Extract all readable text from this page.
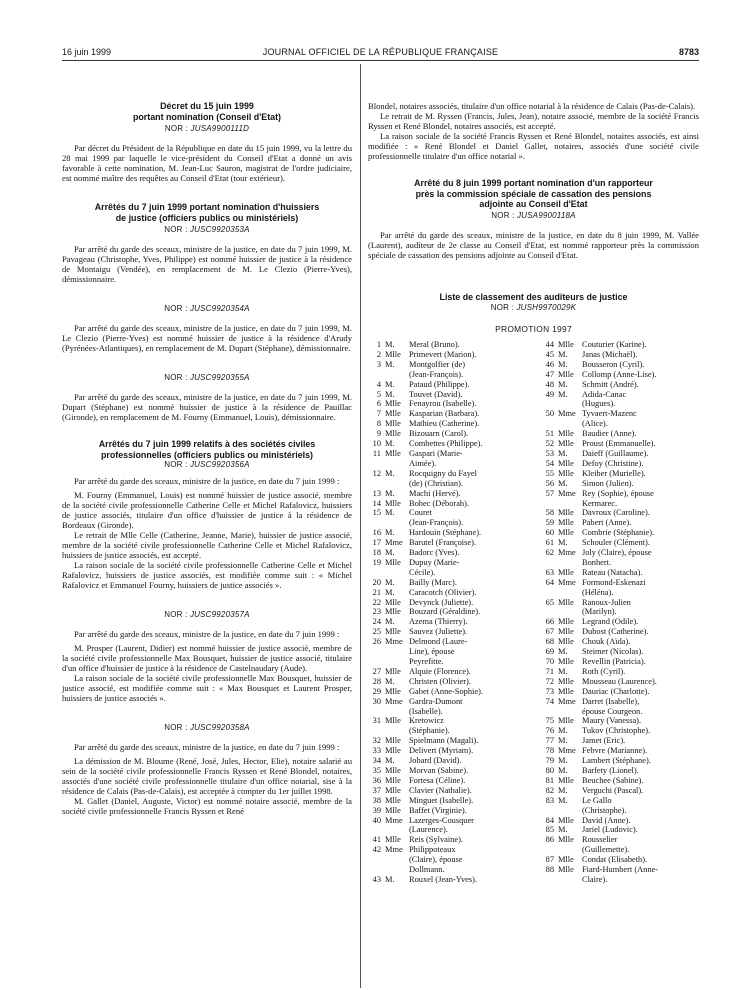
16 juin 1999	JOURNAL OFFICIEL DE LA RÉPUBLIQUE FRANÇAISE	8783
Décret du 15 juin 1999
portant nomination (Conseil d'Etat)
NOR : JUSA9900111D
Par décret du Président de la République en date du 15 juin 1999, vu la lettre du 28 mai 1999 par laquelle le vice-président du Conseil d'Etat a donné un avis favorable à cette nomination, M. Jean-Luc Sauron, magistrat de l'ordre judiciaire, est nommé maître des requêtes au Conseil d'Etat (tour extérieur).
Arrêtés du 7 juin 1999 portant nomination d'huissiers
de justice (officiers publics ou ministériels)
NOR : JUSC9920353A
Par arrêté du garde des sceaux, ministre de la justice, en date du 7 juin 1999, M. Pavageau (Christophe, Yves, Philippe) est nommé huissier de justice à la résidence de Montaigu (Vendée), en remplacement de M. Le Clezio (Pierre-Yves), démissionnaire.
NOR : JUSC9920354A
Par arrêté du garde des sceaux, ministre de la justice, en date du 7 juin 1999, M. Le Clezio (Pierre-Yves) est nommé huissier de justice à la résidence d'Arudy (Pyrénées-Atlantiques), en remplacement de M. Dupart (Stéphane), démissionnaire.
NOR : JUSC9920355A
Par arrêté du garde des sceaux, ministre de la justice, en date du 7 juin 1999, M. Dupart (Stéphane) est nommé huissier de justice à la résidence de Pauillac (Gironde), en remplacement de M. Fourny (Emmanuel, Louis), démissionnaire.
Arrêtés du 7 juin 1999 relatifs à des sociétés civiles
professionnelles (officiers publics ou ministériels)
NOR : JUSC9920356A
Par arrêté du garde des sceaux, ministre de la justice, en date du 7 juin 1999 :
M. Fourny (Emmanuel, Louis) est nommé huissier de justice associé, membre de la société civile professionnelle Catherine Celle et Michel Rafalovicz, huissiers de justice associés, titulaire d'un office d'huissier de justice à la résidence de Bordeaux (Gironde).
Le retrait de Mlle Celle (Catherine, Jeanne, Marie), huissier de justice associé, membre de la société civile professionnelle Catherine Celle et Michel Rafalovicz, huissiers de justice associés, est accepté.
La raison sociale de la société civile professionnelle Catherine Celle et Michel Rafalovicz, huissiers de justice associés, est modifiée comme suit : « Michel Rafalovicz et Emmanuel Fourny, huissiers de justice associés ».
NOR : JUSC9920357A
Par arrêté du garde des sceaux, ministre de la justice, en date du 7 juin 1999 :
M. Prosper (Laurent, Didier) est nommé huissier de justice associé, membre de la société civile professionnelle Max Bousquet, huissier de justice associé, titulaire d'un office d'huissier de justice à la résidence de Castelnaudary (Aude).
La raison sociale de la société civile professionnelle Max Bousquet, huissier de justice associé, est modifiée comme suit : « Max Bousquet et Laurent Prosper, huissiers de justice associés ».
NOR : JUSC9920358A
Par arrêté du garde des sceaux, ministre de la justice, en date du 7 juin 1999 :
La démission de M. Bloume (René, José, Jules, Hector, Elie), notaire salarié au sein de la société civile professionnelle Francis Ryssen et René Blondel, notaires, associés d'une société civile professionnelle titulaire d'un office notarial, sise à la résidence de Calais (Pas-de-Calais), est acceptée à compter du 1er juillet 1998.
M. Gallet (Daniel, Auguste, Victor) est nommé notaire associé, membre de la société civile professionnelle Francis Ryssen et René
Blondel, notaires associés, titulaire d'un office notarial à la résidence de Calais (Pas-de-Calais).
Le retrait de M. Ryssen (Francis, Jules, Jean), notaire associé, membre de la société Francis Ryssen et René Blondel, notaires associés, est accepté.
La raison sociale de la société Francis Ryssen et René Blondel, notaires associés, est ainsi modifiée : « René Blondel et Daniel Gallet, notaires, associés d'une société civile professionnelle titulaire d'un office notarial ».
Arrêté du 8 juin 1999 portant nomination d'un rapporteur
près la commission spéciale de cassation des pensions
adjointe au Conseil d'Etat
NOR : JUSA9900118A
Par arrêté du garde des sceaux, ministre de la justice, en date du 8 juin 1999, M. Vallée (Laurent), auditeur de 2e classe au Conseil d'Etat, est nommé rapporteur près la commission spéciale de cassation des pensions adjointe au Conseil d'Etat.
Liste de classement des auditeurs de justice
NOR : JUSH9970029K
PROMOTION 1997
1 M.	Meral (Bruno).
2 Mlle Primevert (Marion).
3 M.	Montgolfier (de)
(Jean-François).
4 M.	Pataud (Philippe).
5 M.	Touvet (David).
6 Mlle Fenayrou (Isabelle).
7 Mlle Kasparian (Barbara).
8 Mlle Mathieu (Catherine).
9 Mlle Bizouarn (Carol).
10 M.	Combettes (Philippe).
11 Mlle Gaspari (Marie-
Aimée).
12 M.	Rocquigny du Fayel
(de) (Christian).
13 M.	Machi (Hervé).
14 Mlle Bohec (Déborah).
15 M.	Couret
(Jean-François).
16 M.	Hardouin (Stéphane).
17 Mme Barutel (Françoise).
18 M.	Badorc (Yves).
19 Mlle Dupuy (Marie-
Cécile).
20 M.	Bailly (Marc).
21 M.	Caracotch (Olivier).
22 Mlle Devynck (Juliette).
23 Mlle Bouzard (Géraldine).
24 M.	Azema (Thierry).
25 Mlle Sauvez (Juliette).
26 Mme Delmond (Laure-
Line), épouse
Peyrefitte.
27 Mlle Alquie (Florence).
28 M.	Christen (Olivier).
29 Mlle Gabet (Anne-Sophie).
30 Mme Gardra-Dumont
(Isabelle).
31 Mlle Kretowicz
(Stéphanie).
32 Mlle Spielmann (Magali).
33 Mlle Delivert (Myriam).
34 M.	Jobard (David).
35 Mlle Morvan (Sabine).
36 Mlle Fortesa (Céline).
37 Mlle Clavier (Nathalie).
38 Mlle Minguet (Isabelle).
39 Mlle Baffet (Virginie).
40 Mme Lazerges-Cousquer
(Laurence).
41 Mlle Reis (Sylvaine).
42 Mme Philippoteaux
(Claire), épouse
Dollmann.
43 M.	Rouxel (Jean-Yves).
44 Mlle Couturier (Karine).
45 M.	Janas (Michaël).
46 M.	Bousseron (Cyril).
47 Mlle Collomp (Anne-Lise).
48 M.	Schmitt (André).
49 M.	Adida-Canac
(Hugues).
50 Mme Tyvaert-Mazenc
(Alice).
51 Mlle Baudier (Anne).
52 Mlle Proust (Emmanuelle).
53 M.	Daieff (Guillaume).
54 Mlle Defoy (Christine).
55 Mlle Kleiber (Murielle).
56 M.	Simon (Julien).
57 Mme Rey (Sophie), épouse
Kermarec.
58 Mlle Davroux (Caroline).
59 Mlle Pabert (Anne).
60 Mlle Combrie (Stéphanie).
61 M.	Schouler (Clément).
62 Mme Joly (Claire), épouse
Bonhert.
63 Mlle Rateau (Natacha).
64 Mme Formond-Eskenazi
(Héléna).
65 Mlle Ranoux-Julien
(Marilyn).
66 Mlle Legrand (Odile).
67 Mlle Dubost (Catherine).
68 Mlle Chouk (Aïda).
69 M.	Steimer (Nicolas).
70 Mlle Revellin (Patricia).
71 M.	Roth (Cyril).
72 Mlle Mousseau (Laurence).
73 Mlle Dauriac (Charlotte).
74 Mme Darret (Isabelle),
épouse Courgeon.
75 Mlle Maury (Vanessa).
76 M.	Tukov (Christophe).
77 M.	Jamet (Eric).
78 Mme Febvre (Marianne).
79 M.	Lambert (Stéphane).
80 M.	Barfety (Lionel).
81 Mlle Beuchee (Sabine).
82 M.	Verguchi (Pascal).
83 M.	Le Gallo
(Christophe).
84 Mlle David (Anne).
85 M.	Jariel (Ludovic).
86 Mlle Rousselier
(Guillemette).
87 Mlle Condat (Elisabeth).
88 Mlle Fiard-Humbert (Anne-
Claire).
